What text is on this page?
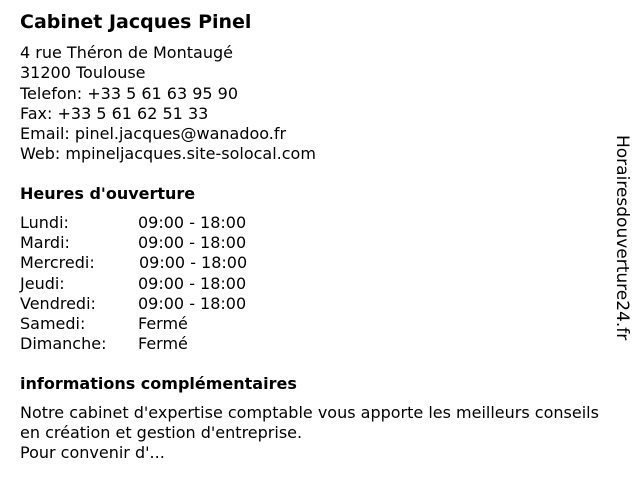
Cabinet Jacques Pinel
4 rue Théron de Montaugé
31200 Toulouse
Telefon: +33 5 61 63 95 90
Fax: +33 5 61 62 51 33
Email: pinel.jacques@wanadoo.fr
Web: mpineljacques.site-solocal.com
Heures d'ouverture
Lundi:	09:00 - 18:00
Mardi:	09:00 - 18:00
Mercredi:	09:00 - 18:00
Jeudi:	09:00 - 18:00
Vendredi:	09:00 - 18:00
Samedi:	Fermé
Dimanche: Fermé
informations complémentaires

Notre cabinet d'expertise comptable vous apporte les meilleurs conseils en création et gestion d'entreprise.

Pour convenir d'...

Horairesdouverture24.fr
